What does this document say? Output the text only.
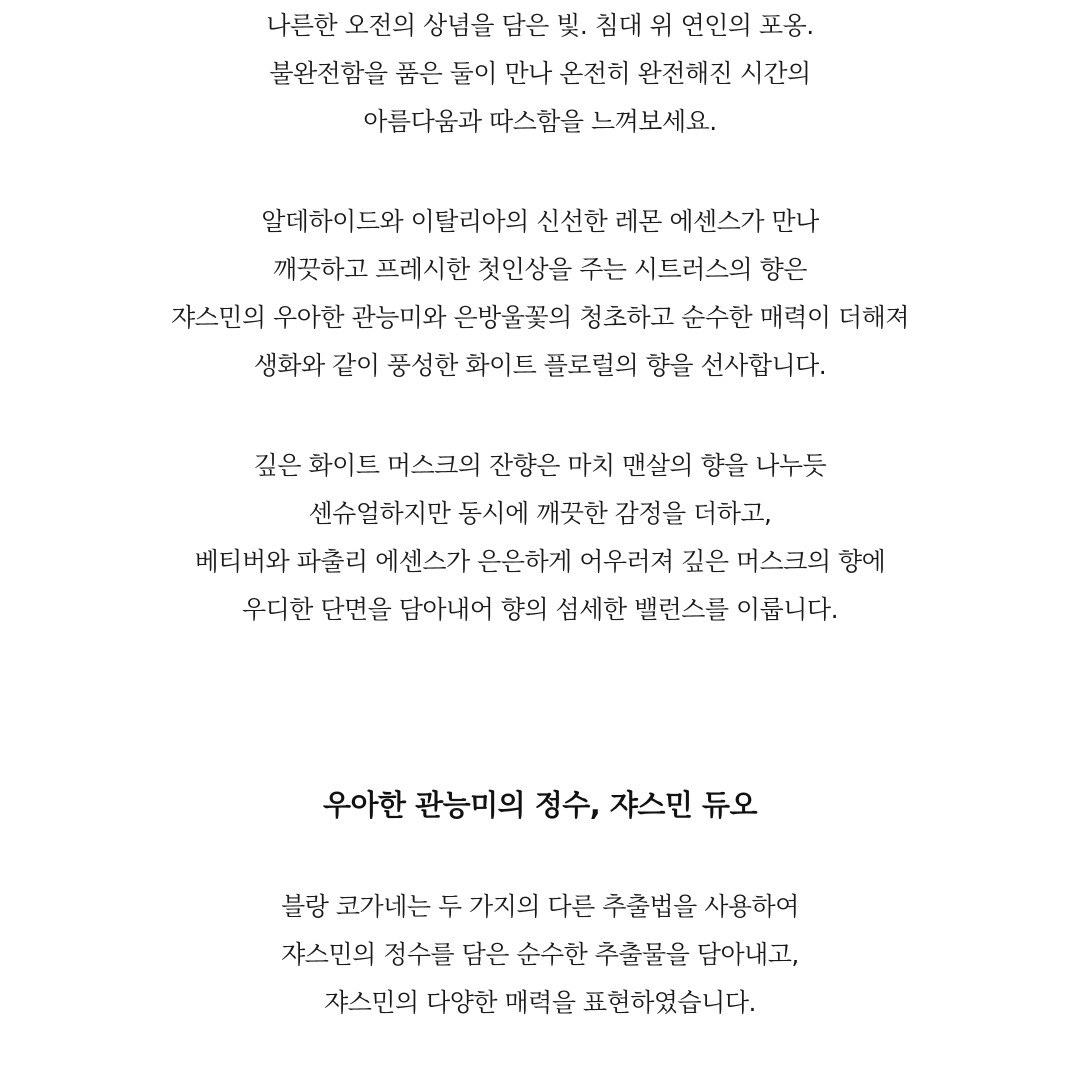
나른한 오전의 상념을 담은 빛. 침대 위 연인의 포옹.
불완전함을 품은 둘이 만나 온전히 완전해진 시간의
아름다움과 따스함을 느껴보세요.

알데하이드와 이탈리아의 신선한 레몬 에센스가 만나
깨끗하고 프레시한 첫인상을 주는 시트러스의 향은
쟈스민의 우아한 관능미와 은방울꽃의 청초하고 순수한 매력이 더해져
생화와 같이 풍성한 화이트 플로럴의 향을 선사합니다.

깊은 화이트 머스크의 잔향은 마치 맨살의 향을 나누듯
센슈얼하지만 동시에 깨끗한 감정을 더하고,
베티버와 파출리 에센스가 은은하게 어우러져 깊은 머스크의 향에
우디한 단면을 담아내어 향의 섬세한 밸런스를 이룹니다.

우아한 관능미의 정수, 쟈스민 듀오

블랑 코가네는 두 가지의 다른 추출법을 사용하여
쟈스민의 정수를 담은 순수한 추출물을 담아내고,
쟈스민의 다양한 매력을 표현하였습니다.
